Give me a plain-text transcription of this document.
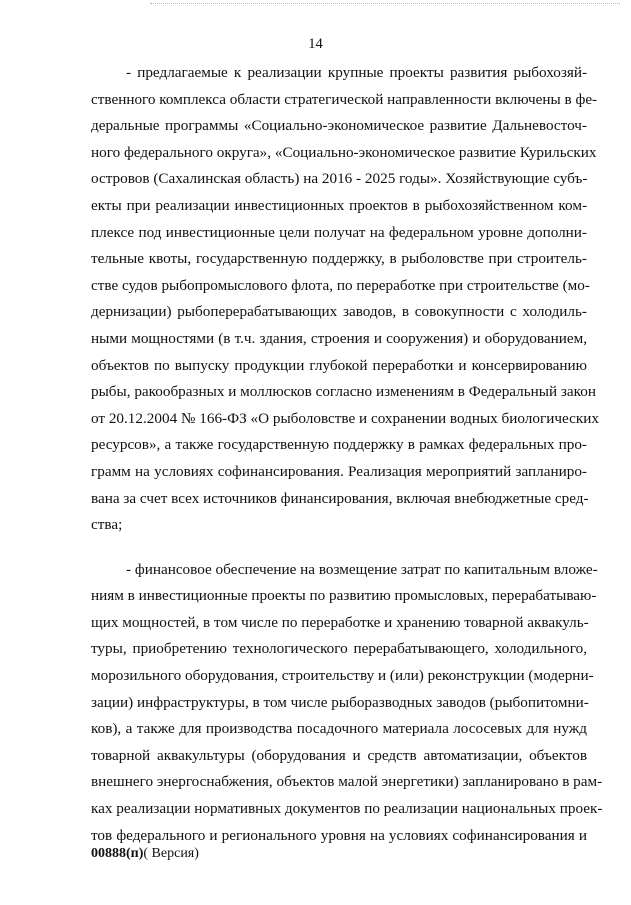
14
- предлагаемые к реализации крупные проекты развития рыбохозяй-
ственного комплекса области стратегической направленности включены в фе-
деральные программы «Социально-экономическое развитие Дальневосточ-
ного федерального округа», «Социально-экономическое развитие Курильских
островов (Сахалинская область) на 2016 - 2025 годы». Хозяйствующие субъ-
екты при реализации инвестиционных проектов в рыбохозяйственном ком-
плексе под инвестиционные цели получат на федеральном уровне дополни-
тельные квоты, государственную поддержку, в рыболовстве при строитель-
стве судов рыбопромыслового флота, по переработке при строительстве (мо-
дернизации) рыбоперерабатывающих заводов, в совокупности с холодиль-
ными мощностями (в т.ч. здания, строения и сооружения) и оборудованием,
объектов по выпуску продукции глубокой переработки и консервированию
рыбы, ракообразных и моллюсков согласно изменениям в Федеральный закон
от 20.12.2004 № 166-ФЗ «О рыболовстве и сохранении водных биологических
ресурсов», а также государственную поддержку в рамках федеральных про-
грамм на условиях софинансирования. Реализация мероприятий запланиро-
вана за счет всех источников финансирования, включая внебюджетные сред-
ства;
- финансовое обеспечение на возмещение затрат по капитальным вложе-
ниям в инвестиционные проекты по развитию промысловых, перерабатываю-
щих мощностей, в том числе по переработке и хранению товарной аквакуль-
туры, приобретению технологического перерабатывающего, холодильного,
морозильного оборудования, строительству и (или) реконструкции (модерни-
зации) инфраструктуры, в том числе рыборазводных заводов (рыбопитомни-
ков), а также для производства посадочного материала лососевых для нужд
товарной аквакультуры (оборудования и средств автоматизации, объектов
внешнего энергоснабжения, объектов малой энергетики) запланировано в рам-
ках реализации нормативных документов по реализации национальных проек-
тов федерального и регионального уровня на условиях софинансирования и
00888(п)( Версия)
